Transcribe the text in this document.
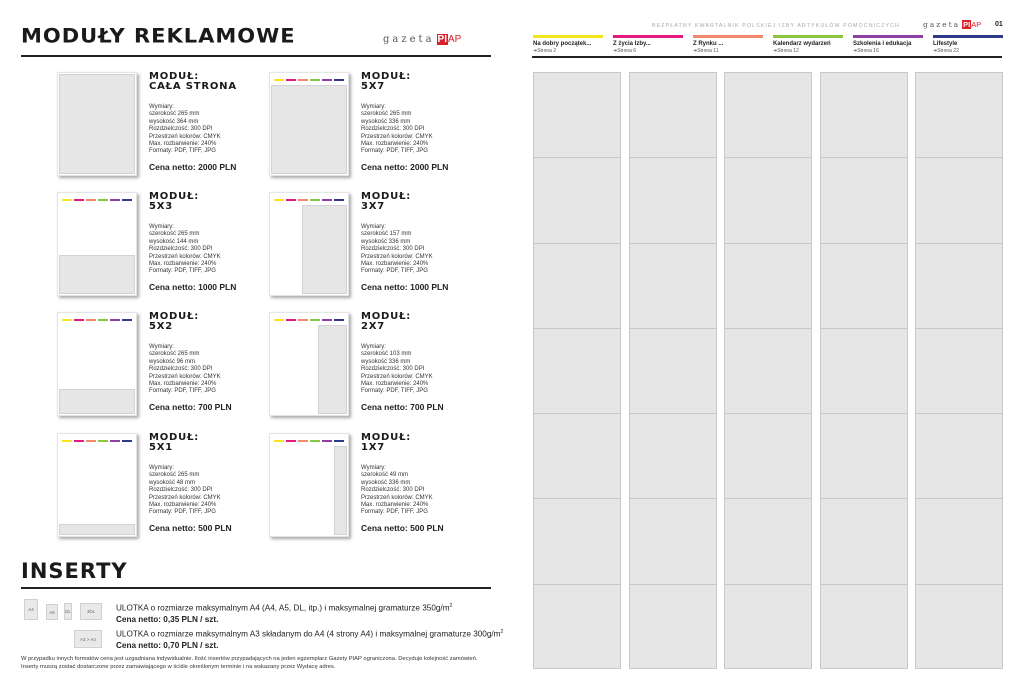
MODUŁY REKLAMOWE	gazeta PIAP
MODUŁ:
CAŁA STRONA
Wymiary:
szerokość 265 mm
wysokość 364 mm
Rozdzielczość: 300 DPI
Przestrzeń kolorów: CMYK
Max. rozbarwienie: 240%
Formaty: PDF, TIFF, JPG
Cena netto: 2000 PLN
MODUŁ:
5X7
Wymiary:
szerokość 265 mm
wysokość 336 mm
Rozdzielczość: 300 DPI
Przestrzeń kolorów: CMYK
Max. rozbarwienie: 240%
Formaty: PDF, TIFF, JPG
Cena netto: 2000 PLN
MODUŁ:
5X3
Wymiary:
szerokość 265 mm
wysokość 144 mm
Rozdzielczość: 300 DPI
Przestrzeń kolorów: CMYK
Max. rozbarwienie: 240%
Formaty: PDF, TIFF, JPG
Cena netto: 1000 PLN
MODUŁ:
3X7
Wymiary:
szerokość 157 mm
wysokość 336 mm
Rozdzielczość: 300 DPI
Przestrzeń kolorów: CMYK
Max. rozbarwienie: 240%
Formaty: PDF, TIFF, JPG
Cena netto: 1000 PLN
MODUŁ:
5X2
Wymiary:
szerokość 265 mm
wysokość 96 mm
Rozdzielczość: 300 DPI
Przestrzeń kolorów: CMYK
Max. rozbarwienie: 240%
Formaty: PDF, TIFF, JPG
Cena netto: 700 PLN
MODUŁ:
2X7
Wymiary:
szerokość 103 mm
wysokość 336 mm
Rozdzielczość: 300 DPI
Przestrzeń kolorów: CMYK
Max. rozbarwienie: 240%
Formaty: PDF, TIFF, JPG
Cena netto: 700 PLN
MODUŁ:
5X1
Wymiary:
szerokość 265 mm
wysokość 48 mm
Rozdzielczość: 300 DPI
Przestrzeń kolorów: CMYK
Max. rozbarwienie: 240%
Formaty: PDF, TIFF, JPG
Cena netto: 500 PLN
MODUŁ:
1X7
Wymiary:
szerokość 49 mm
wysokość 336 mm
Rozdzielczość: 300 DPI
Przestrzeń kolorów: CMYK
Max. rozbarwienie: 240%
Formaty: PDF, TIFF, JPG
Cena netto: 500 PLN
INSERTY
A4	A5	DL	3DL
A3 > A4
ULOTKA o rozmiarze maksymalnym A4 (A4, A5, DL, itp.) i maksymalnej gramaturze $350g/m^2$
Cena netto: 0,35 PLN / szt.
ULOTKA o rozmiarze maksymalnym A3 składanym do A4 (4 strony A4) i maksymalnej gramaturze $300g/m^2$
Cena netto: 0,70 PLN / szt.
W przypadku innych formatów cena jest uzgadniana indywidualnie. Ilość insertów przypadających na jeden egzemplarz Gazety PIAP ograniczona. Decyduje kolejność zamówień. Inserty muszą zostać dostarczone przez zamawiającego w ściśle określonym terminie i na wskazany przez Wydacę adres.
BEZPŁATNY KWARTALNIK POLSKIEJ IZBY ARTYKUŁÓW POMOCNICZYCH	gazeta PIAP 01
Na dobry początek...
➔Strona 2
Z życia Izby...
➔Strona 6
Z Rynku ...
➔Strona 11
Kalendarz wydarzeń
➔Strona 12
Szkolenia i edukacja
➔Strona 16
Lifestyle
➔Strona 22
